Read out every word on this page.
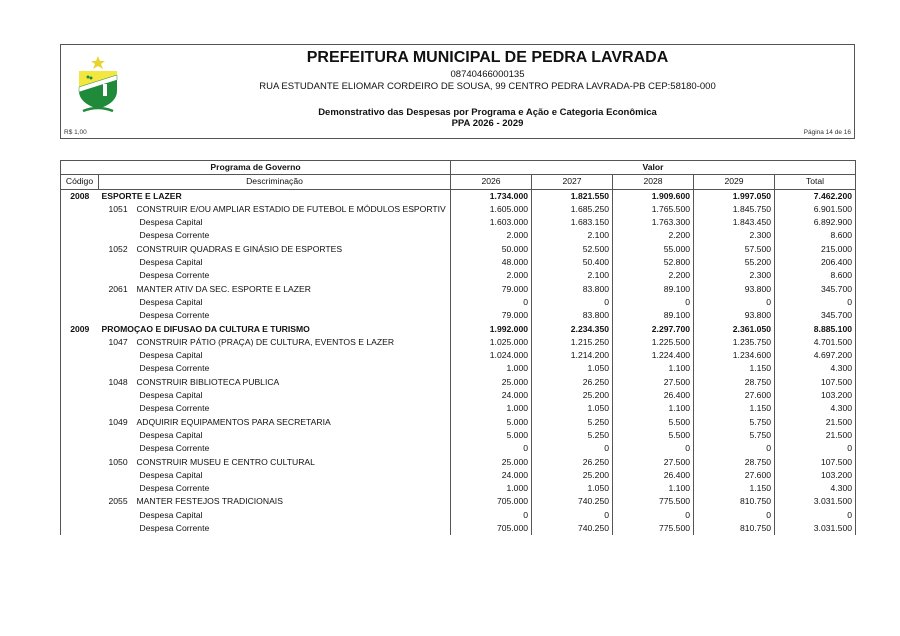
PREFEITURA MUNICIPAL DE PEDRA LAVRADA
08740466000135
RUA ESTUDANTE ELIOMAR CORDEIRO DE SOUSA, 99 CENTRO PEDRA LAVRADA-PB CEP:58180-000
Demonstrativo das Despesas por Programa e Ação e Categoria Econômica
PPA 2026 - 2029
R$ 1,00	Página 14 de 16
Programa de Governo		Valor				
Código	Descriminação	2026	2027	2028	2029	Total
2008	ESPORTE E LAZER	1.734.000	1.821.550	1.909.600	1.997.050	7.462.200
	1051 CONSTRUIR E/OU AMPLIAR ESTADIO DE FUTEBOL E MÓDULOS ESPORTIV	1.605.000	1.685.250	1.765.500	1.845.750	6.901.500
	Despesa Capital	1.603.000	1.683.150	1.763.300	1.843.450	6.892.900
	Despesa Corrente	2.000	2.100	2.200	2.300	8.600
	1052 CONSTRUIR QUADRAS E GINÁSIO DE ESPORTES	50.000	52.500	55.000	57.500	215.000
	Despesa Capital	48.000	50.400	52.800	55.200	206.400
	Despesa Corrente	2.000	2.100	2.200	2.300	8.600
	2061 MANTER ATIV DA SEC. ESPORTE E LAZER	79.000	83.800	89.100	93.800	345.700
	Despesa Capital	0	0	0	0	0
	Despesa Corrente	79.000	83.800	89.100	93.800	345.700
2009	PROMOÇAO E DIFUSAO DA CULTURA E TURISMO	1.992.000	2.234.350	2.297.700	2.361.050	8.885.100
	1047 CONSTRUIR PÁTIO (PRAÇA) DE CULTURA, EVENTOS E LAZER	1.025.000	1.215.250	1.225.500	1.235.750	4.701.500
	Despesa Capital	1.024.000	1.214.200	1.224.400	1.234.600	4.697.200
	Despesa Corrente	1.000	1.050	1.100	1.150	4.300
	1048 CONSTRUIR BIBLIOTECA PUBLICA	25.000	26.250	27.500	28.750	107.500
	Despesa Capital	24.000	25.200	26.400	27.600	103.200
	Despesa Corrente	1.000	1.050	1.100	1.150	4.300
	1049 ADQUIRIR EQUIPAMENTOS PARA SECRETARIA	5.000	5.250	5.500	5.750	21.500
	Despesa Capital	5.000	5.250	5.500	5.750	21.500
	Despesa Corrente	0	0	0	0	0
	1050 CONSTRUIR MUSEU E CENTRO CULTURAL	25.000	26.250	27.500	28.750	107.500
	Despesa Capital	24.000	25.200	26.400	27.600	103.200
	Despesa Corrente	1.000	1.050	1.100	1.150	4.300
	2055 MANTER FESTEJOS TRADICIONAIS	705.000	740.250	775.500	810.750	3.031.500
	Despesa Capital	0	0	0	0	0
	Despesa Corrente	705.000	740.250	775.500	810.750	3.031.500
